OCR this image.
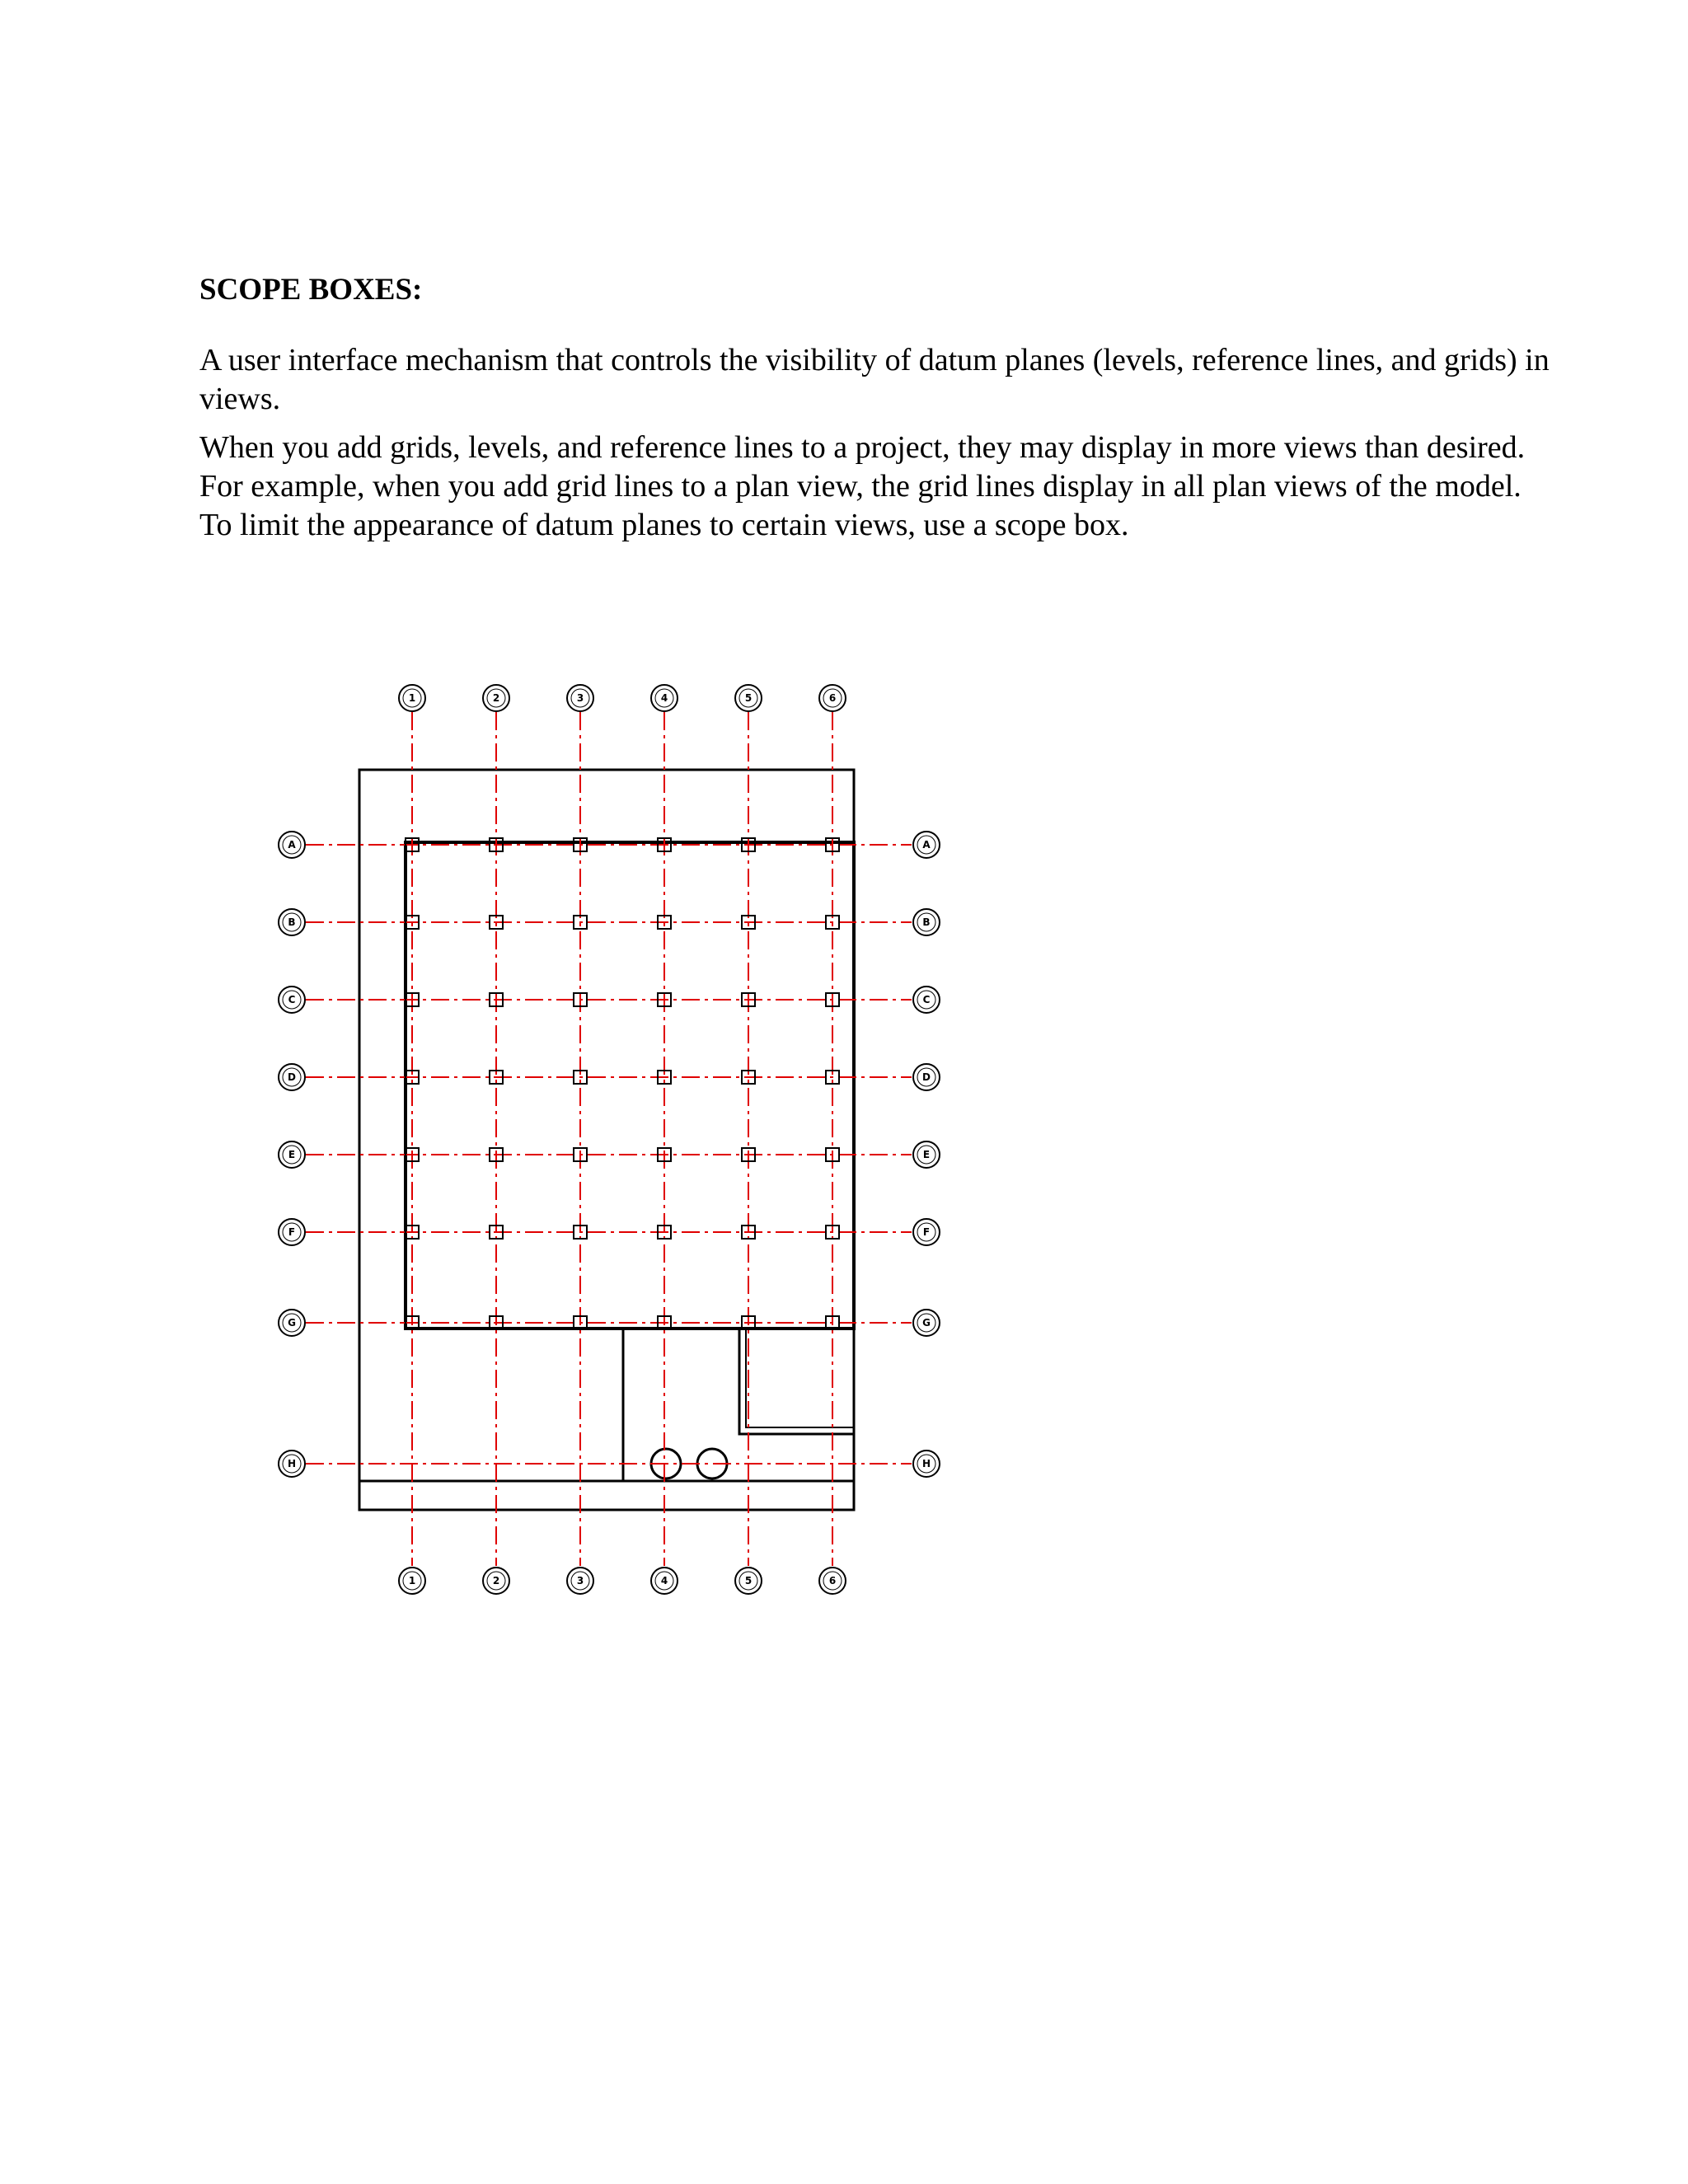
SCOPE BOXES:

A user interface mechanism that controls the visibility of datum planes (levels, reference lines, and grids) in views.

When you add grids, levels, and reference lines to a project, they may display in more views than desired. For example, when you add grid lines to a plan view, the grid lines display in all plan views of the model. To limit the appearance of datum planes to certain views, use a scope box.

1
1
2
2
3
3
4
4
5
5
6
6
A	A
B	B
C	C
D	D
E	E
F	F
G	G
H	H
